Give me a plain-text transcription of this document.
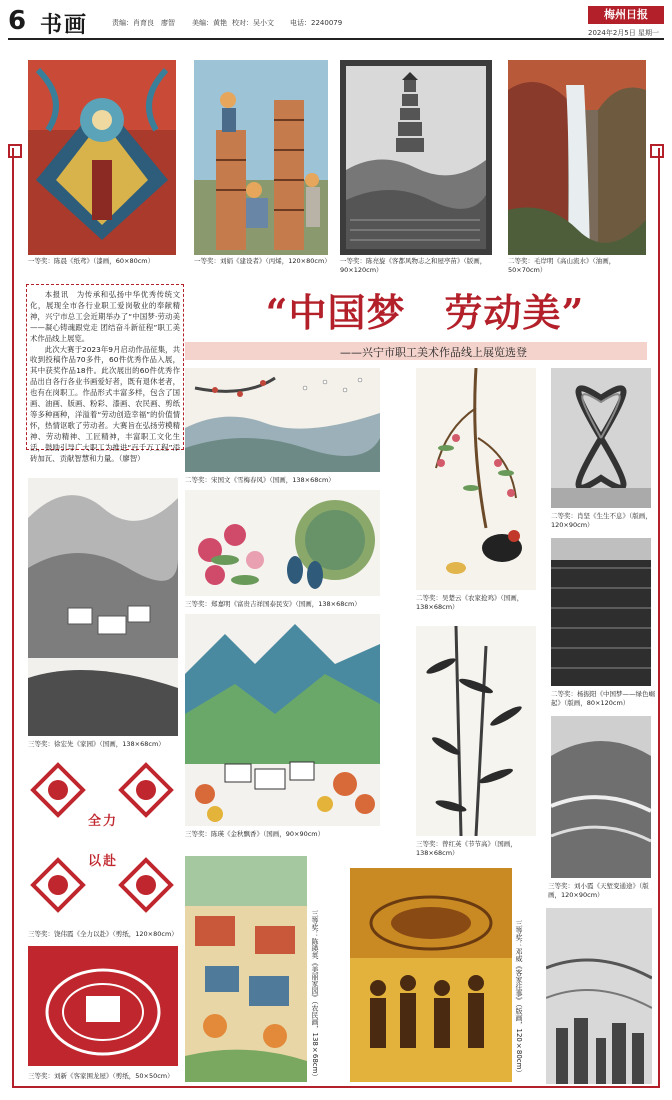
6 书画	责编：肖育良　廖智 美编：黄艳 校对：吴小文 电话：2240079
梅州日报
2024年2月5日 星期一
一等奖：陈晨《纸鸢》（漆画，60×80cm）	一等奖：刘娟《建设者》（丙烯，120×80cm）	一等奖：陈亮旋《客都风物志之和屋亭苗》（版画，90×120cm）
二等奖：毛岸明《高山流水》（油画，50×70cm）

本报讯　为传承和弘扬中华优秀传统文化，展现全市各行业职工爱岗敬业的奉献精神，兴宁市总工会近期举办了“中国梦·劳动美——凝心铸魂跟党走 团结奋斗新征程”职工美术作品线上展览。

此次大赛于2023年9月启动作品征集，共收到投稿作品70多件，60件优秀作品入展，其中获奖作品18件。此次展出的60件优秀作品出自各行各业书画爱好者，既有退休老者，也有在岗职工。作品形式丰富多样，包含了国画、油画、版画、粉彩、漆画、农民画、剪纸等多种画种，洋溢着“劳动创造幸福”的价值情怀，热情讴歌了劳动者。大赛旨在弘扬劳模精神、劳动精神、工匠精神，丰富职工文化生活，鼓励引导广大职工为推进“百千万工程”添砖加瓦、贡献智慧和力量。（廖智）

“中国梦　劳动美”
——兴宁市职工美术作品线上展览选登
二等奖：宋国文《雪梅春风》（国画，138×68cm）
二等奖：吴楚云《农家抢鸡》（国画，138×68cm）
二等奖：肖坚《生生不息》（版画，120×90cm）
三等奖：徐宏先《家园》（国画，138×68cm）
三等奖：郑嘉明《富贵吉祥国泰民安》（国画，138×68cm）
三等奖：陈瑛《金秋飘香》（国画，90×90cm）
三等奖：曾红英《节节高》（国画，138×68cm）
二等奖：杨振阳《中国梦——绿色崛起》（版画，80×120cm）
三等奖：刘小霞《天堑变通途》（版画，120×90cm）
全力
以赴
三等奖：饶伟霞《全力以赴》（剪纸，120×80cm）
三等奖：刘新《客家围龙屋》（剪纸，50×50cm）	三等奖：陈瑛英《美丽家园》（农民画，138×68cm）	三等奖：邓威《客家往事》（版画，120×80cm）
